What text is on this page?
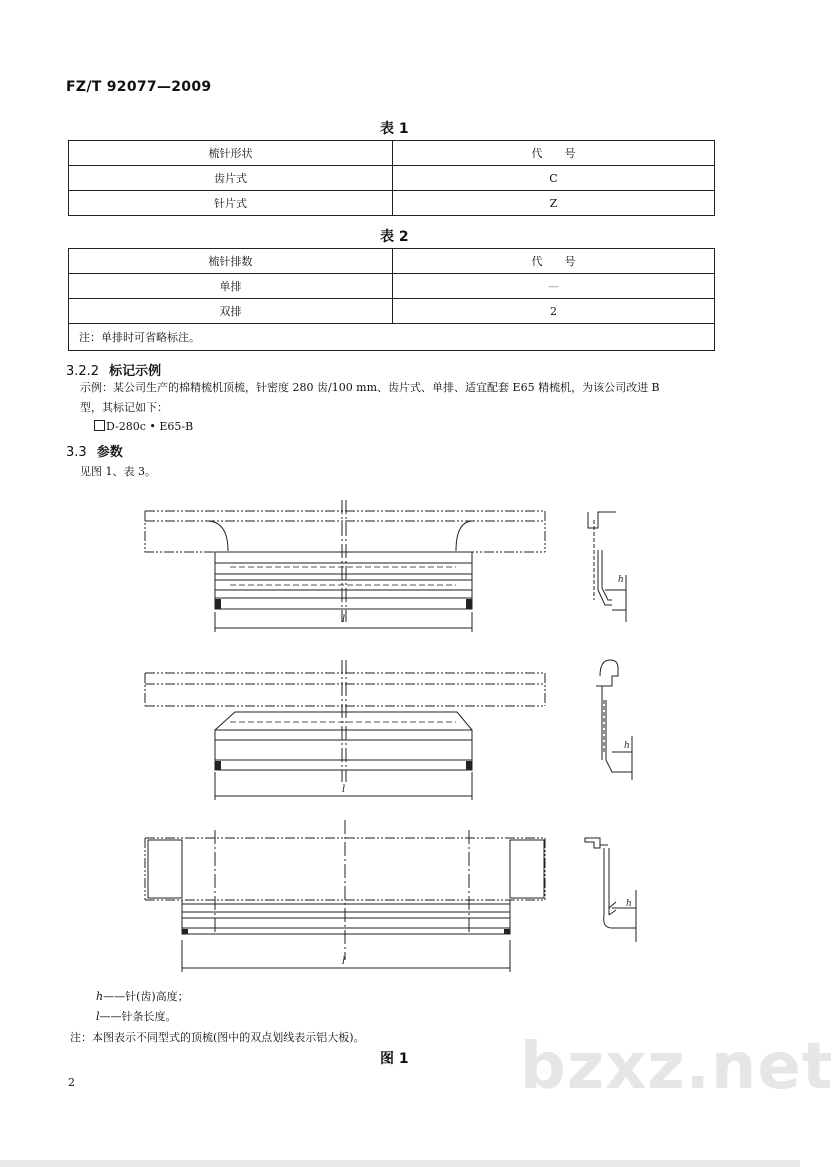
FZ/T 92077—2009
表 1
梳针形状	代　　号
齿片式	C
针片式	Z
表 2
梳针排数	代　　号
单排	—
双排	2
注：单排时可省略标注。	
3.2.2 标记示例
示例：某公司生产的棉精梳机顶梳，针密度 280 齿/100 mm、齿片式、单排、适宜配套 E65 精梳机，为该公司改进 B
型，其标记如下：
D-280c • E65-B
3.3 参数
见图 1、表 3。
l
l
l
h
h
h
h——针(齿)高度；
l——针条长度。
注：本图表示不同型式的顶梳(图中的双点划线表示铝大板)。 bzxz.net
图 1
2
